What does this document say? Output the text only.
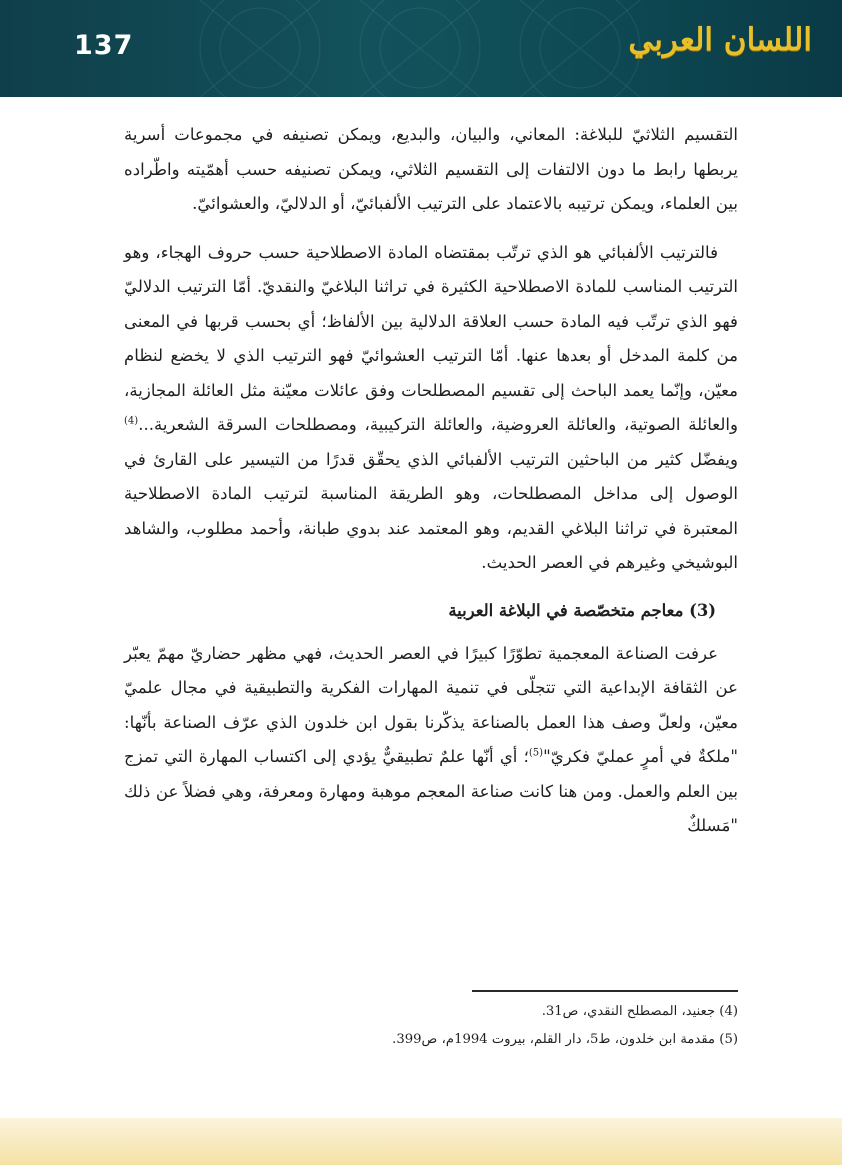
137	اللسان العربي

التقسيم الثلاثيّ للبلاغة: المعاني، والبيان، والبديع، ويمكن تصنيفه في مجموعات أسرية يربطها رابط ما دون الالتفات إلى التقسيم الثلاثي، ويمكن تصنيفه حسب أهمّيته واطّراده بين العلماء، ويمكن ترتيبه بالاعتماد على الترتيب الألفبائيّ، أو الدلاليّ، والعشوائيّ.

فالترتيب الألفبائي هو الذي ترتّب بمقتضاه المادة الاصطلاحية حسب حروف الهجاء، وهو الترتيب المناسب للمادة الاصطلاحية الكثيرة في تراثنا البلاغيّ والنقديّ. أمّا الترتيب الدلاليّ فهو الذي ترتّب فيه المادة حسب العلاقة الدلالية بين الألفاظ؛ أي بحسب قربها في المعنى من كلمة المدخل أو بعدها عنها. أمّا الترتيب العشوائيّ فهو الترتيب الذي لا يخضع لنظام معيّن، وإنّما يعمد الباحث إلى تقسيم المصطلحات وفق عائلات معيّنة مثل العائلة المجازية، والعائلة الصوتية، والعائلة العروضية، والعائلة التركيبية، ومصطلحات السرقة الشعرية...$^{(4)}$ ويفضّل كثير من الباحثين الترتيب الألفبائي الذي يحقّق قدرًا من التيسير على القارئ في الوصول إلى مداخل المصطلحات، وهو الطريقة المناسبة لترتيب المادة الاصطلاحية المعتبرة في تراثنا البلاغي القديم، وهو المعتمد عند بدوي طبانة، وأحمد مطلوب، والشاهد البوشيخي وغيرهم في العصر الحديث.

(3) معاجم متخصّصة في البلاغة العربية

عرفت الصناعة المعجمية تطوّرًا كبيرًا في العصر الحديث، فهي مظهر حضاريّ مهمّ يعبّر عن الثقافة الإبداعية التي تتجلّى في تنمية المهارات الفكرية والتطبيقية في مجال علميّ معيّن، ولعلّ وصف هذا العمل بالصناعة يذكّرنا بقول ابن خلدون الذي عرّف الصناعة بأنّها: "ملكةٌ في أمرٍ عمليّ فكريّ"$^{(5)}$؛ أي أنّها علمٌ تطبيقيٌّ يؤدي إلى اكتساب المهارة التي تمزج بين العلم والعمل. ومن هنا كانت صناعة المعجم موهبة ومهارة ومعرفة، وهي فضلاً عن ذلك "مَسلكٌ

(4) جعنيد، المصطلح النقدي، ص31.

(5) مقدمة ابن خلدون، ط5، دار القلم، بيروت 1994م، ص399.
